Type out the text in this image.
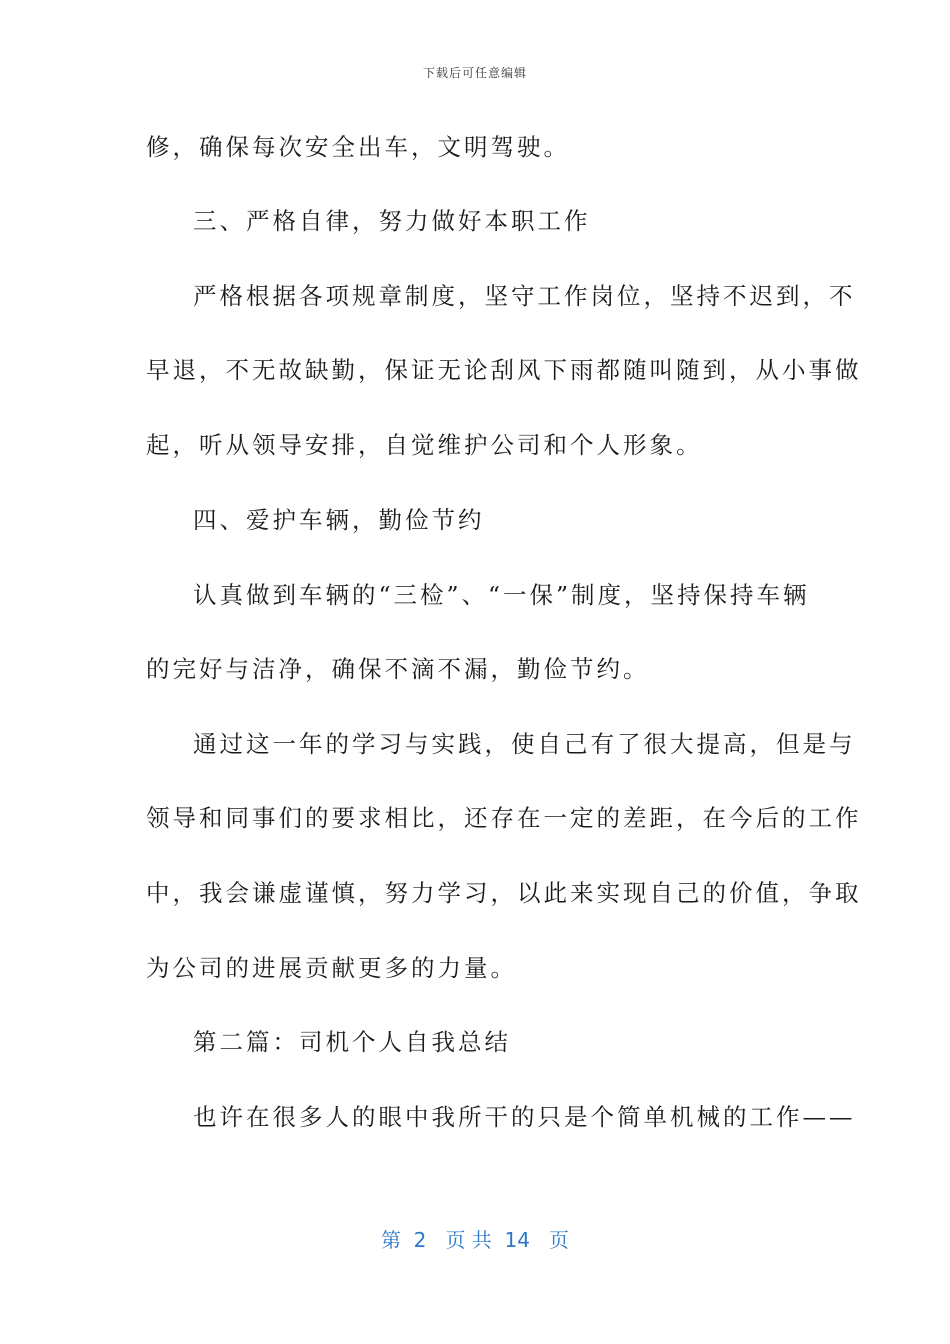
下载后可任意编辑
修，确保每次安全出车，文明驾驶。
三、严格自律，努力做好本职工作
严格根据各项规章制度，坚守工作岗位，坚持不迟到，不
早退，不无故缺勤，保证无论刮风下雨都随叫随到，从小事做
起，听从领导安排，自觉维护公司和个人形象。
四、爱护车辆，勤俭节约
认真做到车辆的“三检”、“一保”制度，坚持保持车辆
的完好与洁净，确保不滴不漏，勤俭节约。
通过这一年的学习与实践，使自己有了很大提高，但是与
领导和同事们的要求相比，还存在一定的差距，在今后的工作
中，我会谦虚谨慎，努力学习，以此来实现自己的价值，争取
为公司的进展贡献更多的力量。
第二篇：司机个人自我总结
也许在很多人的眼中我所干的只是个简单机械的工作——
第  2   页 共  14   页
